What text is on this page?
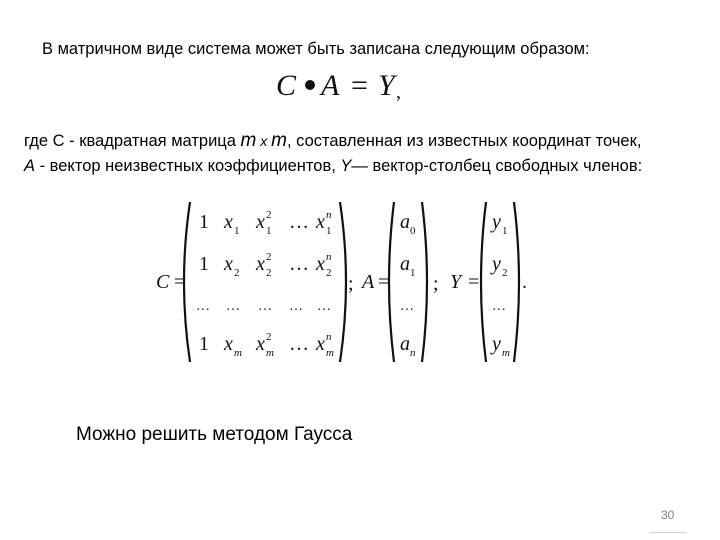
В матричном виде система может быть записана следующим образом:
C A = Y ,
где С - квадратная матрица m x m, составленная из известных координат точек,
A - вектор неизвестных коэффициентов, Y— вектор-столбец свободных членов:
C =
1 x 1 x 1
2 … x 1
n
1 x 2 x 2
2 … x 2
n
… … … … …
1 x m x m
2 … x m
n
; A =
a 0
a 1
…
a n
; Y =
y 1
y 2
…
y m
.
Можно решить методом Гаусса
30
